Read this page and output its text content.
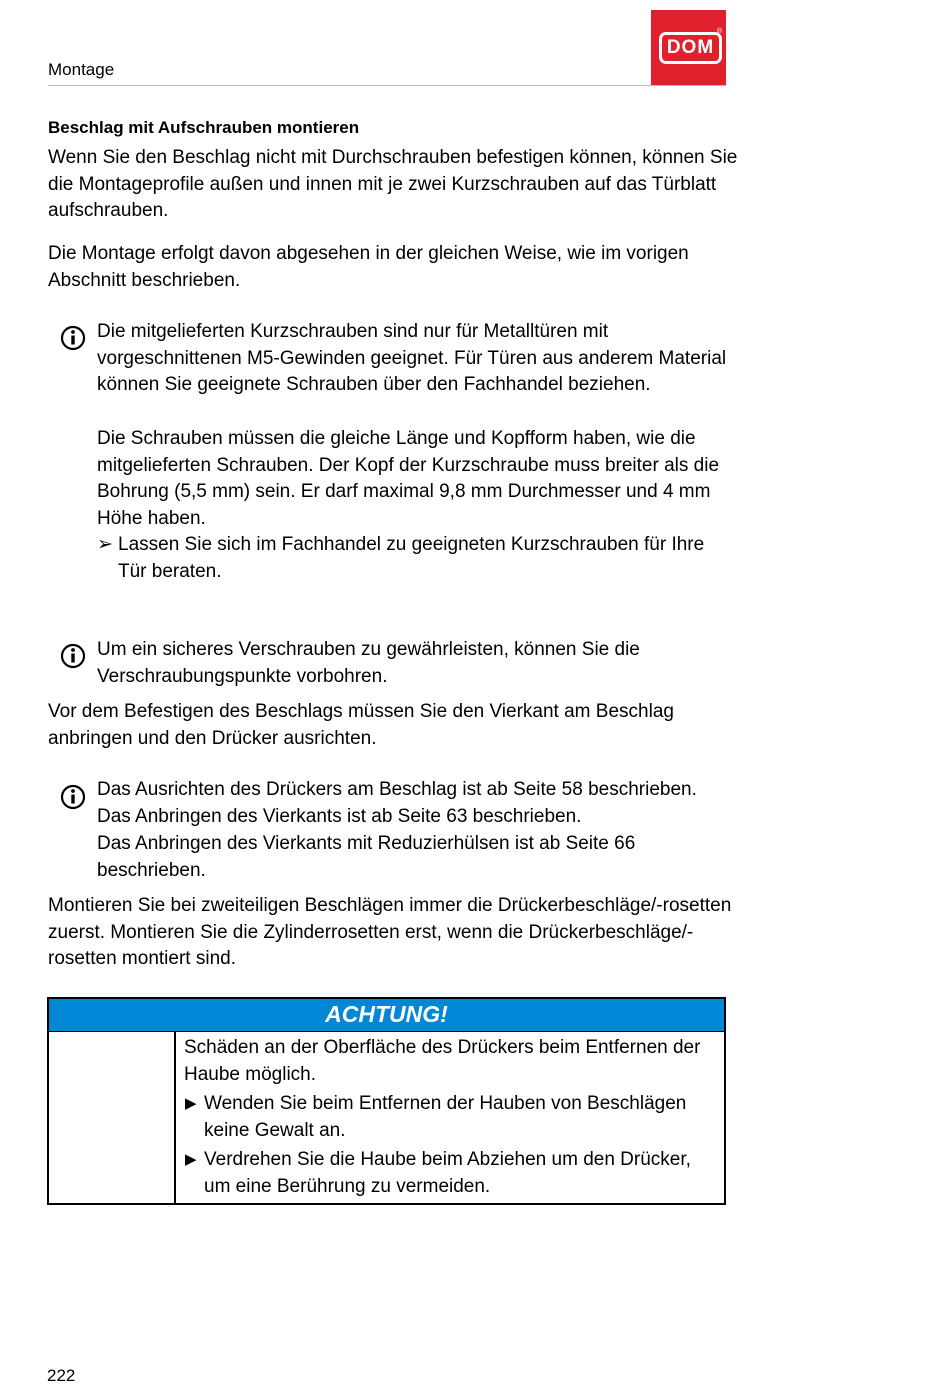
Montage
DOM
®
Beschlag mit Aufschrauben montieren

Wenn Sie den Beschlag nicht mit Durchschrauben befestigen können, können Sie die Montageprofile außen und innen mit je zwei Kurzschrauben auf das Türblatt aufschrauben.

Die Montage erfolgt davon abgesehen in der gleichen Weise, wie im vorigen Abschnitt beschrieben.

Die mitgelieferten Kurzschrauben sind nur für Metalltüren mit vorgeschnittenen M5-Gewinden geeignet. Für Türen aus anderem Material können Sie geeignete Schrauben über den Fachhandel beziehen.

Die Schrauben müssen die gleiche Länge und Kopfform haben, wie die mitgelieferten Schrauben. Der Kopf der Kurzschraube muss breiter als die Bohrung (5,5 mm) sein. Er darf maximal 9,8 mm Durchmesser und 4 mm Höhe haben.

➢ Lassen Sie sich im Fachhandel zu geeigneten Kurzschrauben für Ihre Tür beraten.

Um ein sicheres Verschrauben zu gewährleisten, können Sie die Verschraubungspunkte vorbohren.

Vor dem Befestigen des Beschlags müssen Sie den Vierkant am Beschlag anbringen und den Drücker ausrichten.

Das Ausrichten des Drückers am Beschlag ist ab Seite 58 beschrieben.

Das Anbringen des Vierkants ist ab Seite 63 beschrieben.

Das Anbringen des Vierkants mit Reduzierhülsen ist ab Seite 66 beschrieben.

Montieren Sie bei zweiteiligen Beschlägen immer die Drückerbeschläge/-rosetten zuerst. Montieren Sie die Zylinderrosetten erst, wenn die Drückerbeschläge/-rosetten montiert sind.

ACHTUNG!

Schäden an der Oberfläche des Drückers beim Entfernen der Haube möglich.

▶ Wenden Sie beim Entfernen der Hauben von Beschlägen keine Gewalt an.
▶ Verdrehen Sie die Haube beim Abziehen um den Drücker, um eine Berührung zu vermeiden.
222
